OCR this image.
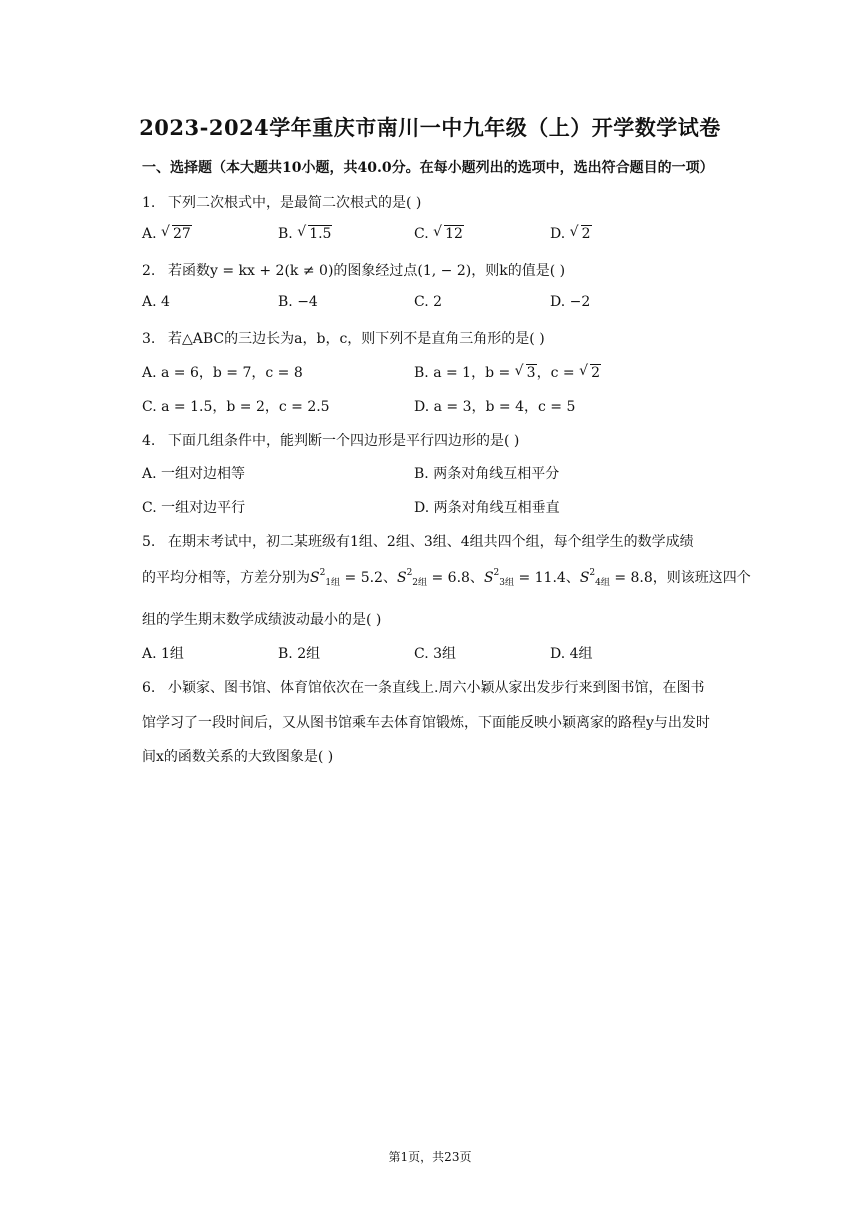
2023-2024学年重庆市南川一中九年级（上）开学数学试卷
一、选择题（本大题共10小题，共40.0分。在每小题列出的选项中，选出符合题目的一项）
1. 下列二次根式中，是最简二次根式的是( )
A. √ 27	B. √ 1.5	C. √ 12	D. √ 2
2. 若函数y = kx + 2(k ≠ 0)的图象经过点(1, − 2)，则k的值是( )
A. 4	B. −4	C. 2	D. −2
3. 若△ABC的三边长为a，b，c，则下列不是直角三角形的是( )
A. a = 6，b = 7，c = 8	B. a = 1，b = √ 3，c = √ 2
C. a = 1.5，b = 2，c = 2.5	D. a = 3，b = 4，c = 5
4. 下面几组条件中，能判断一个四边形是平行四边形的是( )
A. 一组对边相等	B. 两条对角线互相平分
C. 一组对边平行	D. 两条对角线互相垂直
5. 在期末考试中，初二某班级有1组、2组、3组、4组共四个组，每个组学生的数学成绩
的平均分相等，方差分别为$S^2_{1组} = 5.2$、$S^2_{2组} = 6.8$、$S^2_{3组} = 11.4$、$S^2_{4组} = 8.8$，则该班这四个
组的学生期末数学成绩波动最小的是( )
A. 1组	B. 2组	C. 3组	D. 4组
6. 小颖家、图书馆、体育馆依次在一条直线上.周六小颖从家出发步行来到图书馆，在图书
馆学习了一段时间后，又从图书馆乘车去体育馆锻炼，下面能反映小颖离家的路程y与出发时
间x的函数关系的大致图象是( )
第1页，共23页
